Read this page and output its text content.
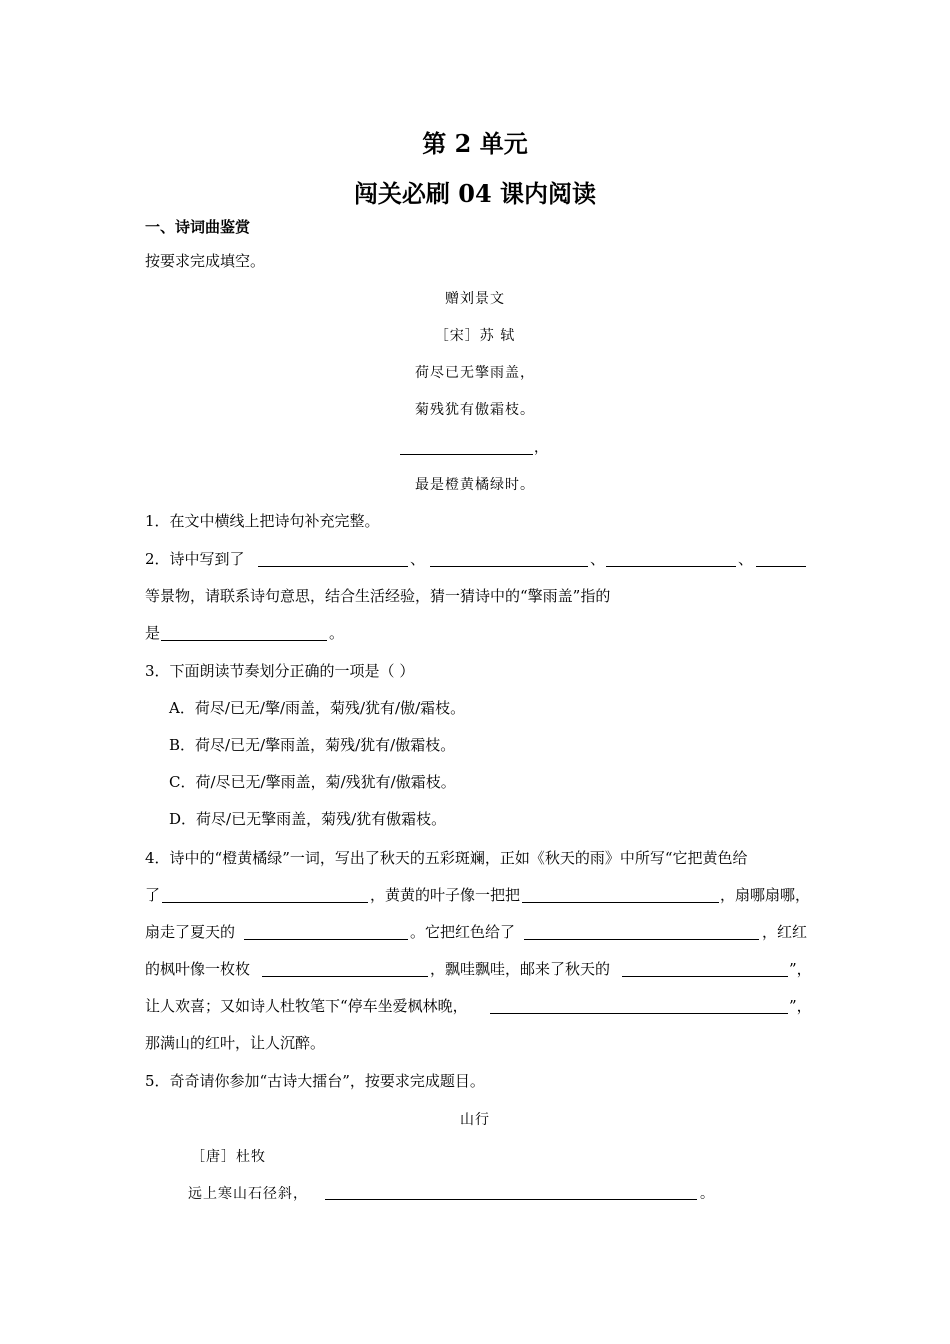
第 2 单元
闯关必刷 04 课内阅读
一、诗词曲鉴赏
按要求完成填空。
赠刘景文
［宋］苏 轼
荷尽已无擎雨盖，
菊残犹有傲霜枝。
，
最是橙黄橘绿时。
1．在文中横线上把诗句补充完整。
2．诗中写到了	、	、	、
等景物，请联系诗句意思，结合生活经验，猜一猜诗中的“擎雨盖”指的
是	。
3．下面朗读节奏划分正确的一项是（ ）
A．荷尽/已无/擎/雨盖，菊残/犹有/傲/霜枝。
B．荷尽/已无/擎雨盖，菊残/犹有/傲霜枝。
C．荷/尽已无/擎雨盖，菊/残犹有/傲霜枝。
D．荷尽/已无擎雨盖，菊残/犹有傲霜枝。
4．诗中的“橙黄橘绿”一词，写出了秋天的五彩斑斓，正如《秋天的雨》中所写“它把黄色给
了	，黄黄的叶子像一把把	，扇哪扇哪，
扇走了夏天的	。它把红色给了	，红红
的枫叶像一枚枚	，飘哇飘哇，邮来了秋天的	”，
让人欢喜；又如诗人杜牧笔下“停车坐爱枫林晚，	”，
那满山的红叶，让人沉醉。
5．奇奇请你参加“古诗大擂台”，按要求完成题目。
山行
［唐］杜牧
远上寒山石径斜，	。
